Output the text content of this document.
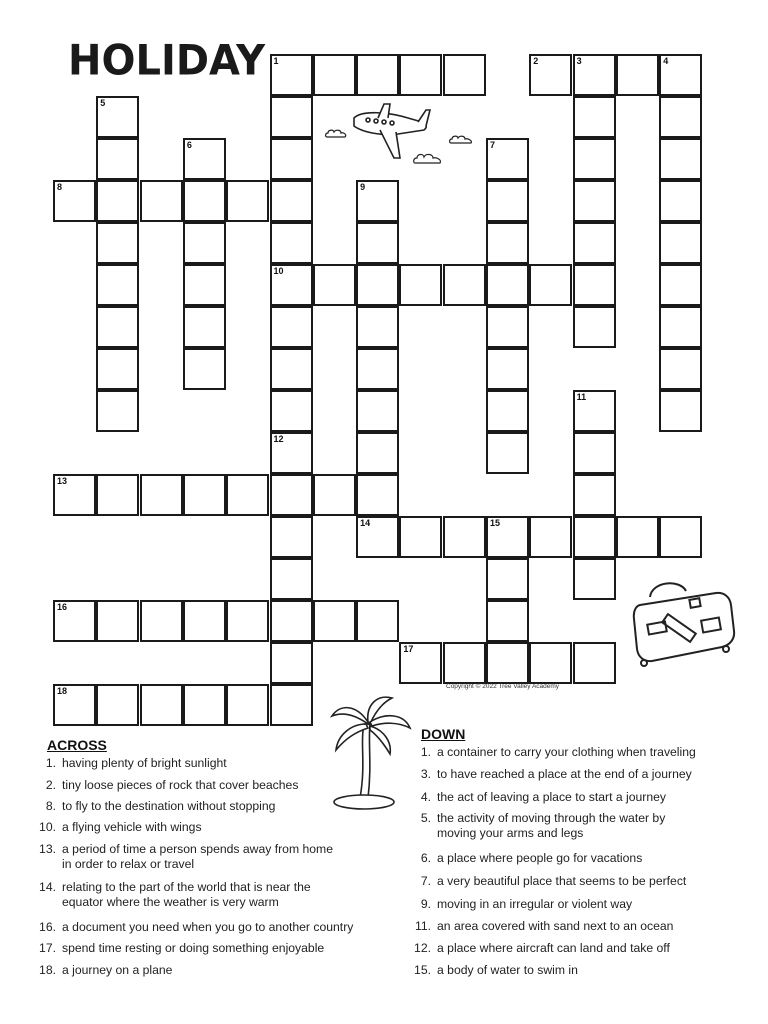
HOLIDAY 1	2	3	4
8
10
13
14	15
16
17
18
5
6	7
9
11
12
Copyright © 2022 Tree Valley Academy
ACROSS
1. having plenty of bright sunlight
2. tiny loose pieces of rock that cover beaches
8. to fly to the destination without stopping
10. a flying vehicle with wings
13. a period of time a person spends away from home
in order to relax or travel
14. relating to the part of the world that is near the
equator where the weather is very warm
16. a document you need when you go to another country
17. spend time resting or doing something enjoyable
18. a journey on a plane
DOWN
1. a container to carry your clothing when traveling
3. to have reached a place at the end of a journey
4. the act of leaving a place to start a journey
5. the activity of moving through the water by
moving your arms and legs
6. a place where people go for vacations
7. a very beautiful place that seems to be perfect
9. moving in an irregular or violent way
11. an area covered with sand next to an ocean
12. a place where aircraft can land and take off
15. a body of water to swim in
